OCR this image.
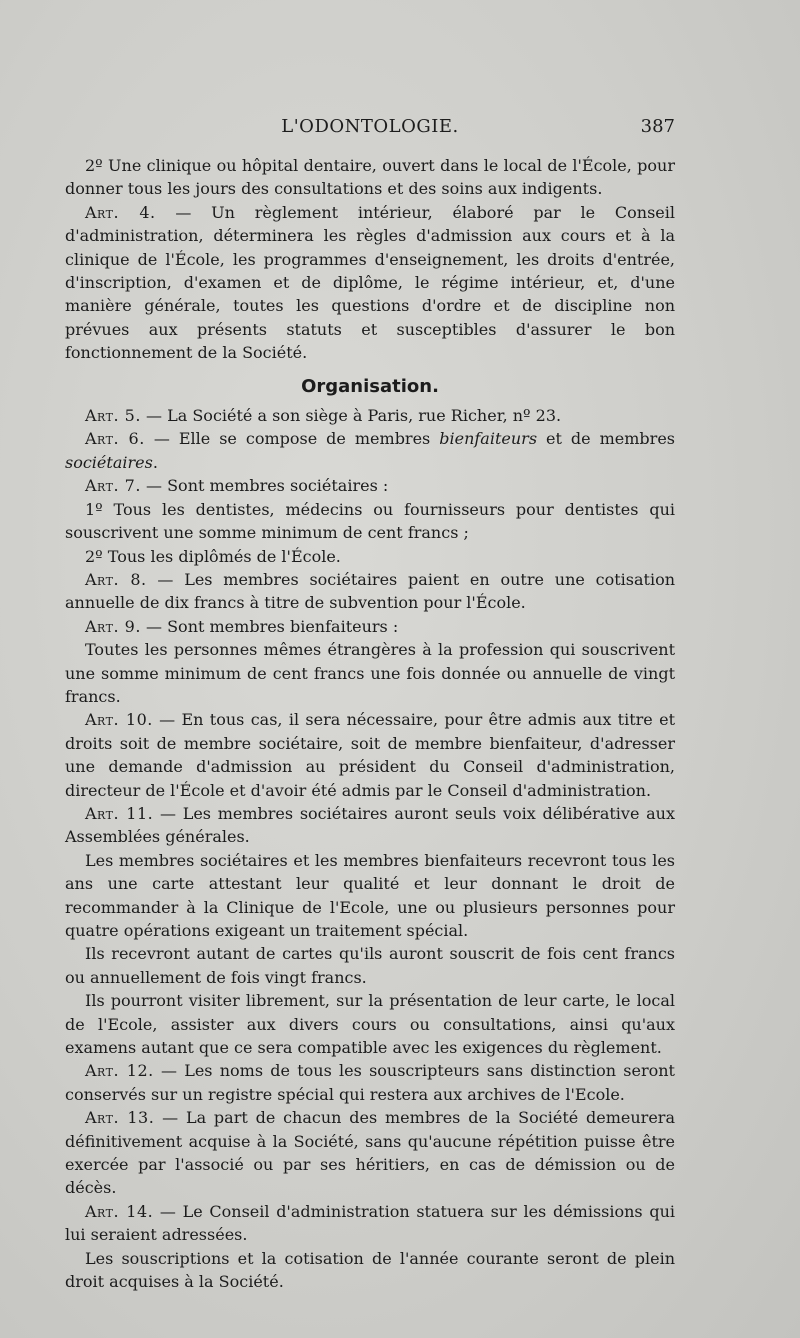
L'ODONTOLOGIE.	387

2º Une clinique ou hôpital dentaire, ouvert dans le local de l'École, pour donner tous les jours des consultations et des soins aux indigents.

Art. 4. — Un règlement intérieur, élaboré par le Conseil d'administration, déterminera les règles d'admission aux cours et à la clinique de l'École, les programmes d'enseignement, les droits d'entrée, d'inscription, d'examen et de diplôme, le régime intérieur, et, d'une manière générale, toutes les questions d'ordre et de discipline non prévues aux présents statuts et susceptibles d'assurer le bon fonctionnement de la Société.

Organisation.

Art. 5. — La Société a son siège à Paris, rue Richer, nº 23.

Art. 6. — Elle se compose de membres bienfaiteurs et de membres sociétaires.

Art. 7. — Sont membres sociétaires :

1º Tous les dentistes, médecins ou fournisseurs pour dentistes qui souscrivent une somme minimum de cent francs ;

2º Tous les diplômés de l'École.

Art. 8. — Les membres sociétaires paient en outre une cotisation annuelle de dix francs à titre de subvention pour l'École.

Art. 9. — Sont membres bienfaiteurs :

Toutes les personnes mêmes étrangères à la profession qui souscrivent une somme minimum de cent francs une fois donnée ou annuelle de vingt francs.

Art. 10. — En tous cas, il sera nécessaire, pour être admis aux titre et droits soit de membre sociétaire, soit de membre bienfaiteur, d'adresser une demande d'admission au président du Conseil d'administration, directeur de l'École et d'avoir été admis par le Conseil d'administration.

Art. 11. — Les membres sociétaires auront seuls voix délibérative aux Assemblées générales.

Les membres sociétaires et les membres bienfaiteurs recevront tous les ans une carte attestant leur qualité et leur donnant le droit de recommander à la Clinique de l'Ecole, une ou plusieurs personnes pour quatre opérations exigeant un traitement spécial.

Ils recevront autant de cartes qu'ils auront souscrit de fois cent francs ou annuellement de fois vingt francs.

Ils pourront visiter librement, sur la présentation de leur carte, le local de l'Ecole, assister aux divers cours ou consultations, ainsi qu'aux examens autant que ce sera compatible avec les exigences du règlement.

Art. 12. — Les noms de tous les souscripteurs sans distinction seront conservés sur un registre spécial qui restera aux archives de l'Ecole.

Art. 13. — La part de chacun des membres de la Société demeurera définitivement acquise à la Société, sans qu'aucune répétition puisse être exercée par l'associé ou par ses héritiers, en cas de démission ou de décès.

Art. 14. — Le Conseil d'administration statuera sur les démissions qui lui seraient adressées.

Les souscriptions et la cotisation de l'année courante seront de plein droit acquises à la Société.
